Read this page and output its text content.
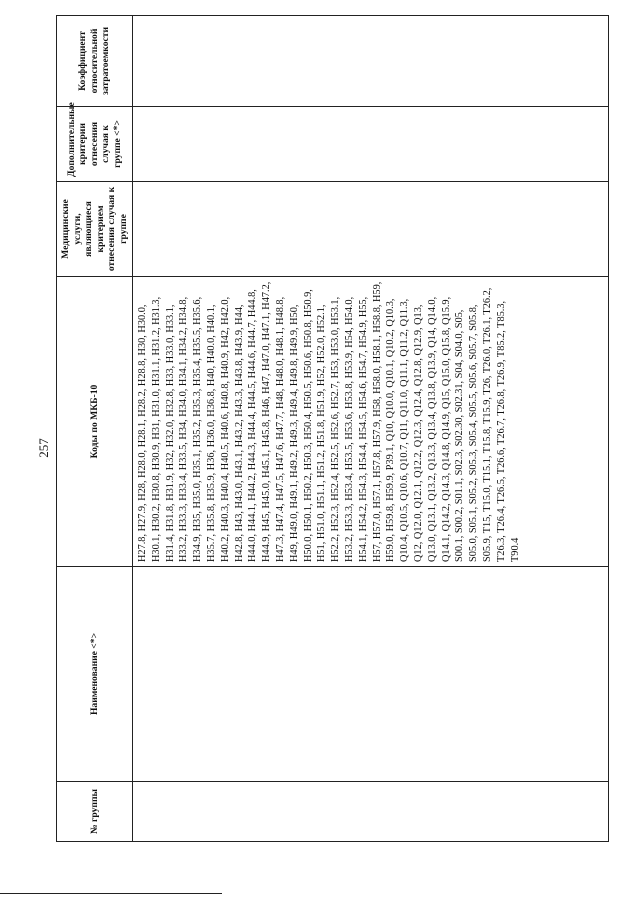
257
№ группы	Наименование <*>	Коды по МКБ-10	Медицинские услуги, являющиеся критерием отнесения случая к группе	Дополнительные критерии отнесения случая к группе <*>	Коэффициент относительной затратоемкости
		H27.8, H27.9, H28, H28.0, H28.1, H28.2, H28.8, H30, H30.0, H30.1, H30.2, H30.8, H30.9, H31, H31.0, H31.1, H31.2, H31.3, H31.4, H31.8, H31.9, H32, H32.0, H32.8, H33, H33.0, H33.1, H33.2, H33.3, H33.4, H33.5, H34, H34.0, H34.1, H34.2, H34.8, H34.9, H35, H35.0, H35.1, H35.2, H35.3, H35.4, H35.5, H35.6, H35.7, H35.8, H35.9, H36, H36.0, H36.8, H40, H40.0, H40.1, H40.2, H40.3, H40.4, H40.5, H40.6, H40.8, H40.9, H42, H42.0, H42.8, H43, H43.0, H43.1, H43.2, H43.3, H43.8, H43.9, H44, H44.0, H44.1, H44.2, H44.3, H44.4, H44.5, H44.6, H44.7, H44.8, H44.9, H45, H45.0, H45.1, H45.8, H46, H47, H47.0, H47.1, H47.2, H47.3, H47.4, H47.5, H47.6, H47.7, H48, H48.0, H48.1, H48.8, H49, H49.0, H49.1, H49.2, H49.3, H49.4, H49.8, H49.9, H50, H50.0, H50.1, H50.2, H50.3, H50.4, H50.5, H50.6, H50.8, H50.9, H51, H51.0, H51.1, H51.2, H51.8, H51.9, H52, H52.0, H52.1, H52.2, H52.3, H52.4, H52.5, H52.6, H52.7, H53, H53.0, H53.1, H53.2, H53.3, H53.4, H53.5, H53.6, H53.8, H53.9, H54, H54.0, H54.1, H54.2, H54.3, H54.4, H54.5, H54.6, H54.7, H54.9, H55, H57, H57.0, H57.1, H57.8, H57.9, H58, H58.0, H58.1, H58.8, H59, H59.0, H59.8, H59.9, P39.1, Q10, Q10.0, Q10.1, Q10.2, Q10.3, Q10.4, Q10.5, Q10.6, Q10.7, Q11, Q11.0, Q11.1, Q11.2, Q11.3, Q12, Q12.0, Q12.1, Q12.2, Q12.3, Q12.4, Q12.8, Q12.9, Q13, Q13.0, Q13.1, Q13.2, Q13.3, Q13.4, Q13.8, Q13.9, Q14, Q14.0, Q14.1, Q14.2, Q14.3, Q14.8, Q14.9, Q15, Q15.0, Q15.8, Q15.9, S00.1, S00.2, S01.1, S02.3, S02.30, S02.31, S04, S04.0, S05, S05.0, S05.1, S05.2, S05.3, S05.4, S05.5, S05.6, S05.7, S05.8, S05.9, T15, T15.0, T15.1, T15.8, T15.9, T26, T26.0, T26.1, T26.2, T26.3, T26.4, T26.5, T26.6, T26.7, T26.8, T26.9, T85.2, T85.3, T90.4			
